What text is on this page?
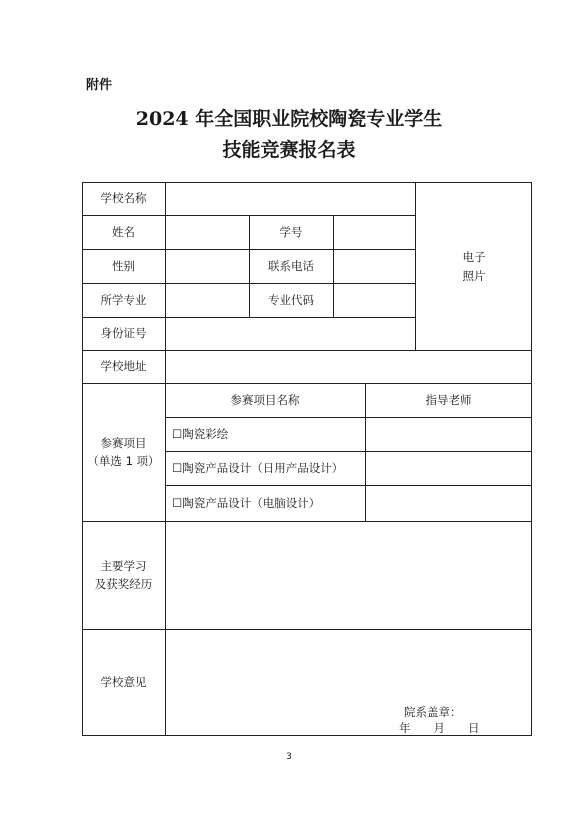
附件
2024 年全国职业院校陶瓷专业学生
技能竞赛报名表
学校名称
姓名	学号
性别	联系电话
所学专业	专业代码
身份证号
电子
照片
学校地址
参赛项目
（单选 1 项）
参赛项目名称	指导老师
☐陶瓷彩绘
☐陶瓷产品设计（日用产品设计）
☐陶瓷产品设计（电脑设计）
主要学习
及获奖经历
学校意见
院系盖章：
年　　月　　日
3
